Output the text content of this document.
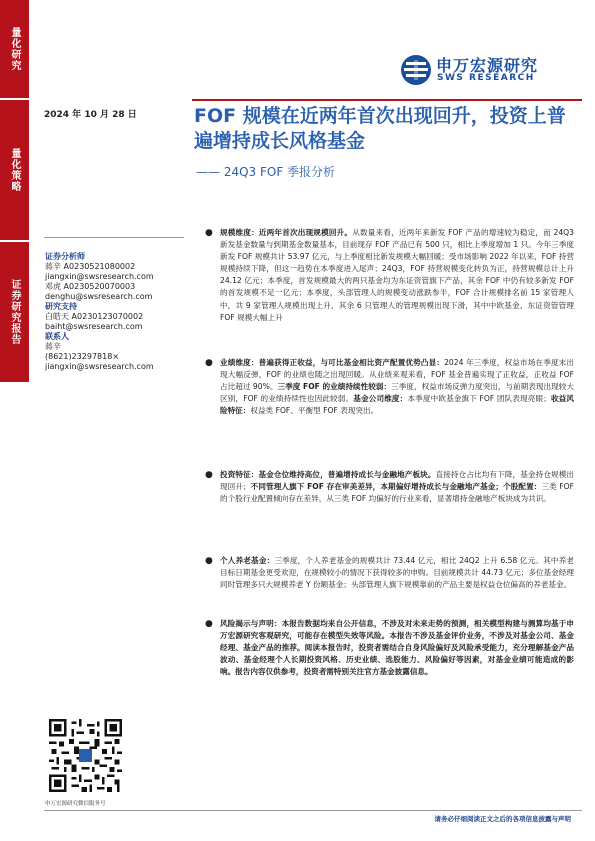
量化研究
量化策略
证券研究报告
申万宏源研究
SWS RESEARCH
2024 年 10 月 28 日	FOF 规模在近两年首次出现回升，投资上普遍增持成长风格基金
—— 24Q3 FOF 季报分析
证券分析师
蒋辛 A0230521080002
jiangxin@swsresearch.com
邓虎 A0230520070003
denghu@swsresearch.com
研究支持
白皓天 A0230123070002
baiht@swsresearch.com
联系人
蒋辛
(8621)23297818×
jiangxin@swsresearch.com
● 规模维度：近两年首次出现规模回升。从数量来看，近两年来新发 FOF 产品的增速较为稳定，而 24Q3 新发基金数量与到期基金数量基本，目前现存 FOF 产品已有 500 只，相比上季度增加 1 只。今年三季度新发 FOF 规模共计 53.97 亿元，与上季度相比新发规模大幅回暖；受市场影响 2022 年以来，FOF 持营规模持续下降，但这一趋势在本季度进入尾声；24Q3，FOF 持营规模变化转负为正，持营规模总计上升 24.12 亿元；本季度，首发规模最大的两只基金均为东证资管旗下产品，其余 FOF 中仍有较多新发 FOF 的首发规模不足一亿元；本季度，头部管理人的规模变动涨跌参半，FOF 合计规模排名前 15 家管理人中，共 9 家管理人规模出现上升，其余 6 只管理人的管理规模出现下滑，其中中欧基金、东证资管管理 FOF 规模大幅上升
● 业绩维度：普遍获得正收益，与可比基金相比资产配置优势凸显：2024 年三季度，权益市场在季度末出现大幅反弹，FOF 的业绩也随之出现回暖。从业绩来观来看，FOF 基金普遍实现了正收益，正收益 FOF 占比超过 90%。三季度 FOF 的业绩持续性较弱：三季度，权益市场反弹力度突出，与前期表现出现较大区别，FOF 的业绩持续性也因此较弱。基金公司维度：本季度中欧基金旗下 FOF 团队表现亮眼；收益风险特征：权益类 FOF、平衡型 FOF 表现突出。
● 投资特征：基金仓位维持高位，普遍增持成长与金融地产板块。直接持仓占比均有下降，基金持仓规模出现回升；不同管理人旗下 FOF 存在审美差异，本期偏好增持成长与金融地产基金；个股配置：三类 FOF 的个股行业配置倾向存在差异，从三类 FOF 均偏好的行业来看，显著增持金融地产板块成为共识。
● 个人养老基金：三季度，个人养老基金的规模共计 73.44 亿元，相比 24Q2 上升 6.58 亿元。其中养老目标日期基金更受欢迎，在规模较小的情况下获得较多的申购。目前规模共计 44.73 亿元；多位基金经理同时管理多只大规模养老 Y 份额基金；头部管理人旗下规模靠前的产品主要是权益仓位偏高的养老基金。
● 风险揭示与声明：本报告数据均来自公开信息，不涉及对未来走势的预测，相关模型构建与测算均基于申万宏源研究客观研究，可能存在模型失效等风险。本报告不涉及基金评价业务，不涉及对基金公司、基金经理、基金产品的推荐。阅读本报告时，投资者需结合自身风险偏好及风险承受能力，充分理解基金产品波动、基金经理个人长期投资风格、历史业绩、选股能力、风险偏好等因素，对基金业绩可能造成的影响。报告内容仅供参考，投资者需特别关注官方基金披露信息。
申万宏源研究微信服务号
请务必仔细阅读正文之后的各项信息披露与声明
